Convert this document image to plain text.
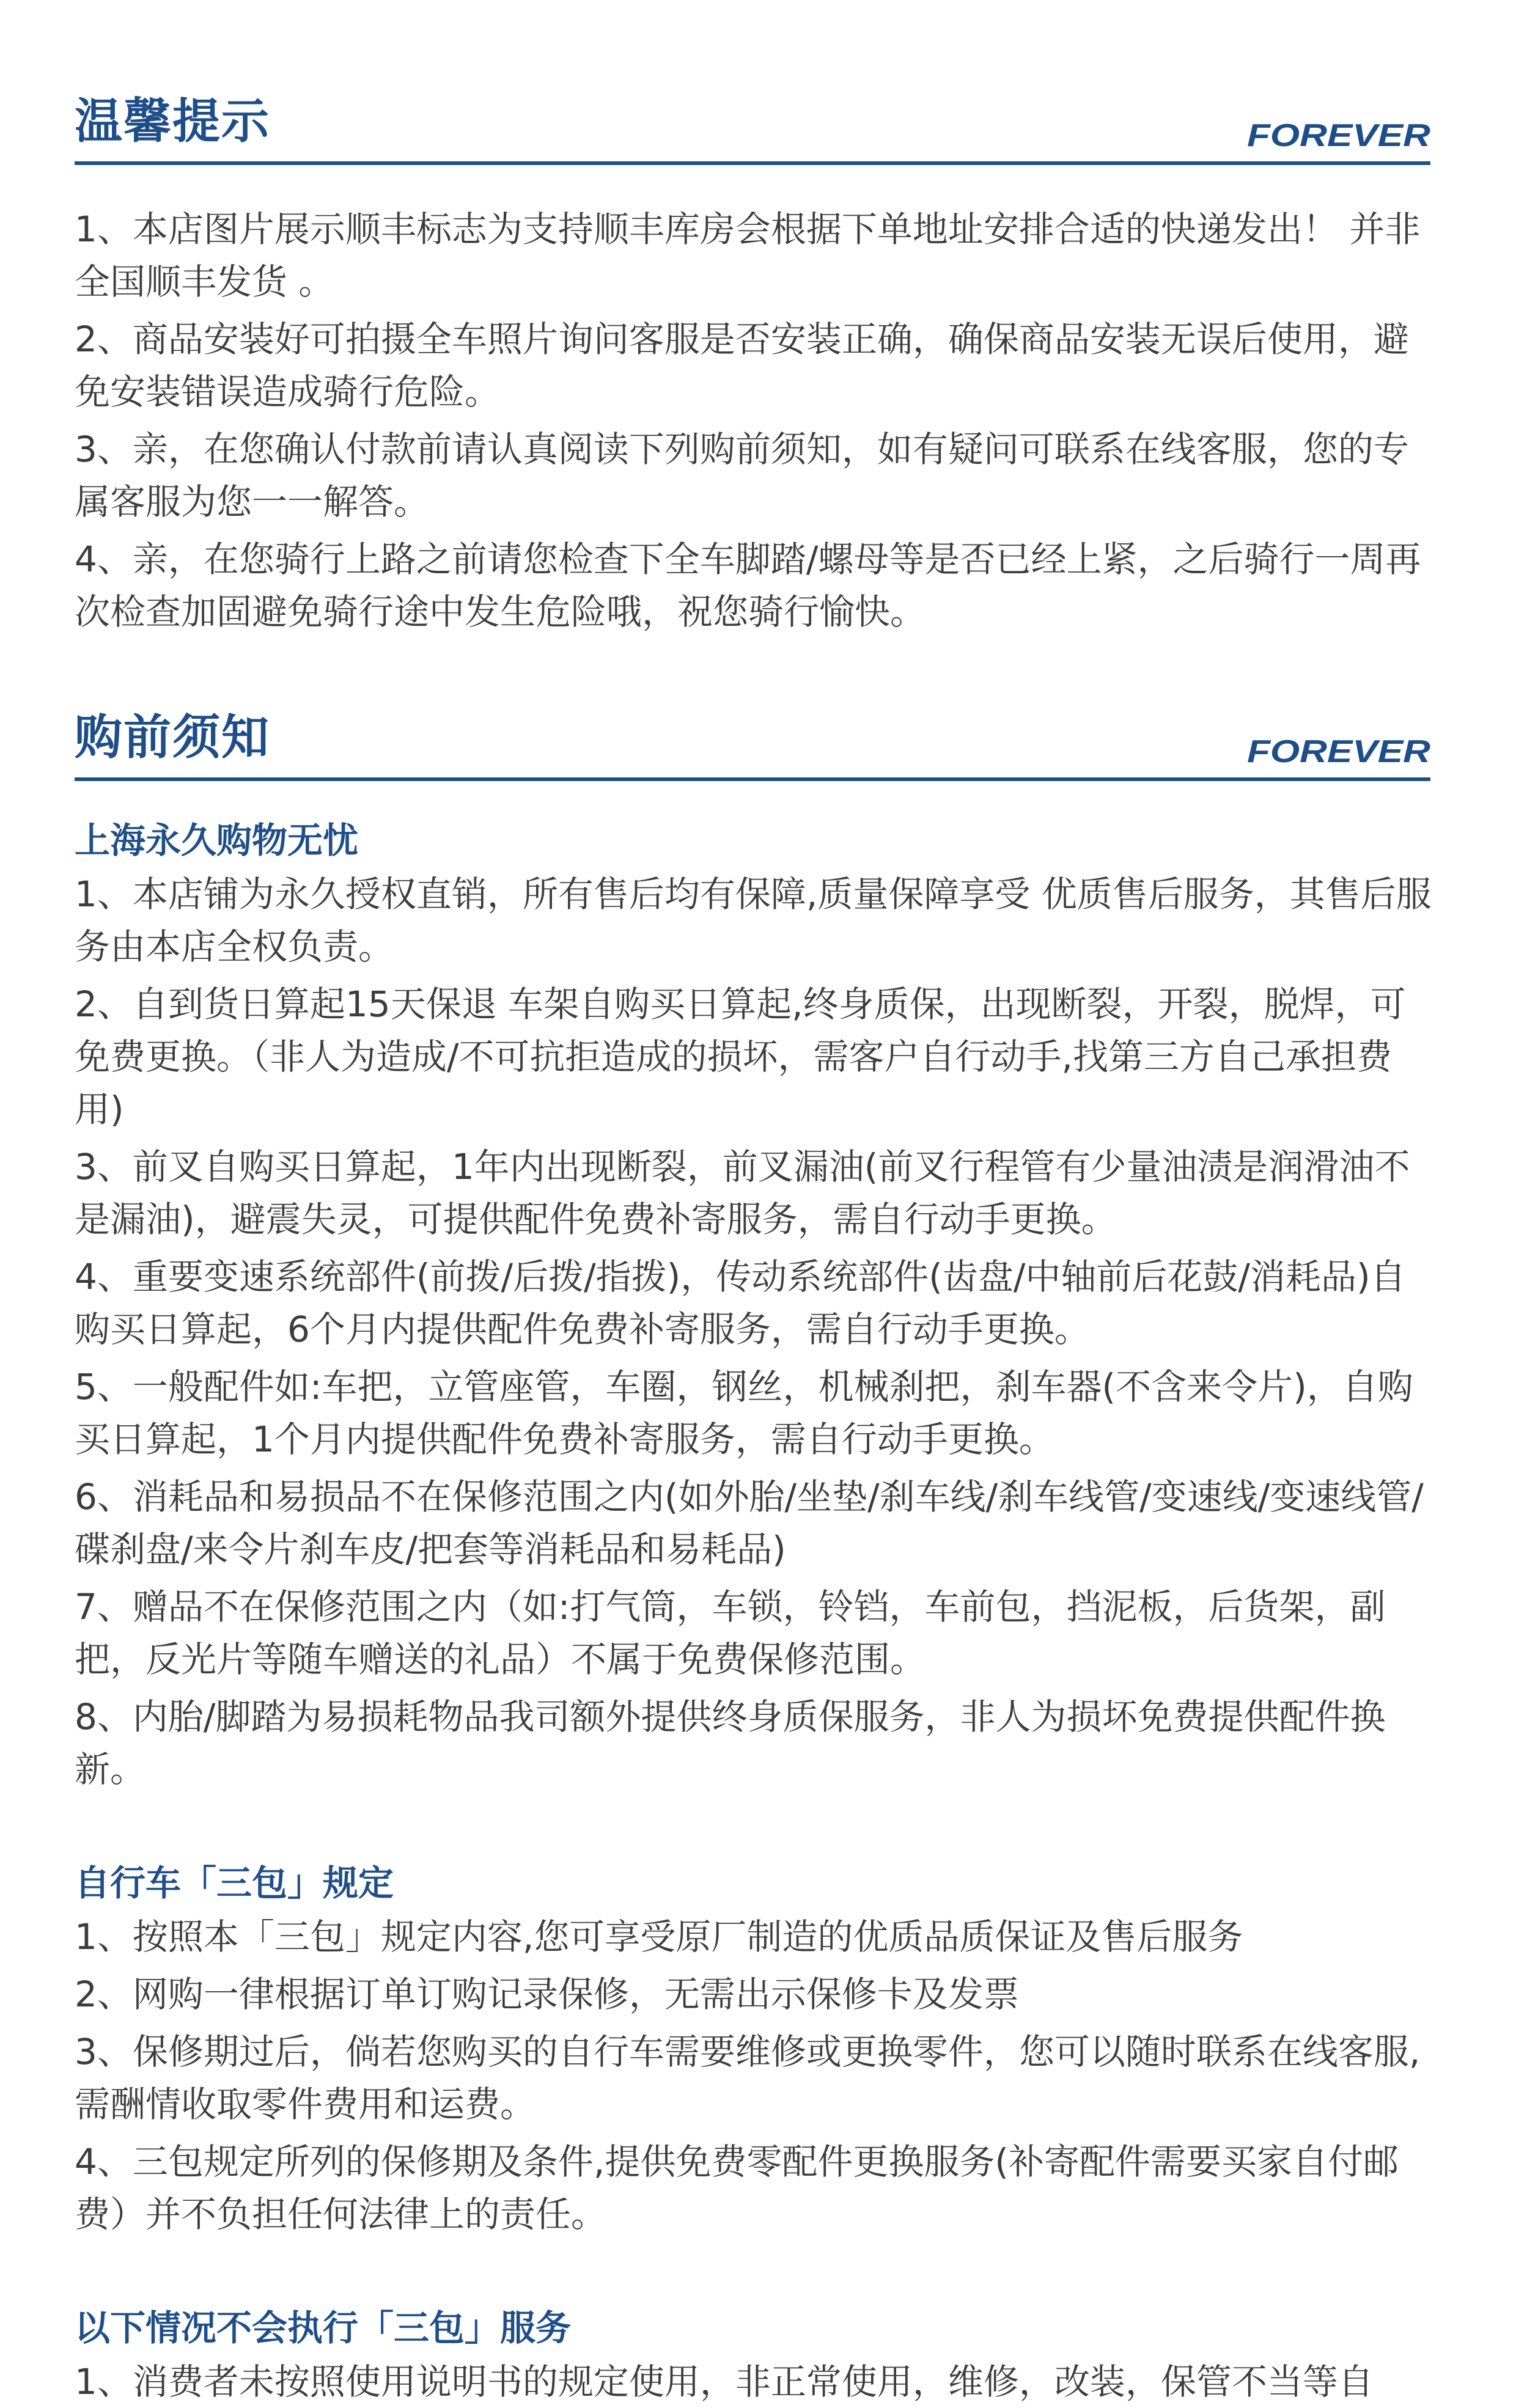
温馨提示	FOREVER

1、本店图片展示顺丰标志为支持顺丰库房会根据下单地址安排合适的快递发出！ 并非全国顺丰发货 。

2、商品安装好可拍摄全车照片询问客服是否安装正确，确保商品安装无误后使用，避免安装错误造成骑行危险。

3、亲，在您确认付款前请认真阅读下列购前须知，如有疑问可联系在线客服，您的专属客服为您一一解答。

4、亲，在您骑行上路之前请您检查下全车脚踏/螺母等是否已经上紧，之后骑行一周再次检查加固避免骑行途中发生危险哦，祝您骑行愉快。

购前须知	FOREVER
上海永久购物无忧

1、本店铺为永久授权直销，所有售后均有保障,质量保障享受 优质售后服务，其售后服务由本店全权负责。

2、自到货日算起15天保退 车架自购买日算起,终身质保，出现断裂，开裂，脱焊，可免费更换。（非人为造成/不可抗拒造成的损坏，需客户自行动手,找第三方自己承担费用)

3、前叉自购买日算起，1年内出现断裂，前叉漏油(前叉行程管有少量油渍是润滑油不是漏油)，避震失灵，可提供配件免费补寄服务，需自行动手更换。

4、重要变速系统部件(前拨/后拨/指拨)，传动系统部件(齿盘/中轴前后花鼓/消耗品)自购买日算起，6个月内提供配件免费补寄服务，需自行动手更换。

5、一般配件如:车把，立管座管，车圈，钢丝，机械刹把，刹车器(不含来令片)，自购买日算起，1个月内提供配件免费补寄服务，需自行动手更换。

6、消耗品和易损品不在保修范围之内(如外胎/坐垫/刹车线/刹车线管/变速线/变速线管/碟刹盘/来令片刹车皮/把套等消耗品和易耗品)

7、赠品不在保修范围之内（如:打气筒，车锁，铃铛，车前包，挡泥板，后货架，副把，反光片等随车赠送的礼品）不属于免费保修范围。

8、内胎/脚踏为易损耗物品我司额外提供终身质保服务，非人为损坏免费提供配件换新。

自行车「三包」规定

1、按照本「三包」规定内容,您可享受原厂制造的优质品质保证及售后服务

2、网购一律根据订单订购记录保修，无需出示保修卡及发票

3、保修期过后，倘若您购买的自行车需要维修或更换零件，您可以随时联系在线客服,需酬情收取零件费用和运费。

4、三包规定所列的保修期及条件,提供免费零配件更换服务(补寄配件需要买家自付邮费）并不负担任何法律上的责任。

以下情况不会执行「三包」服务

1、消费者未按照使用说明书的规定使用，非正常使用，维修，改装，保管不当等自
